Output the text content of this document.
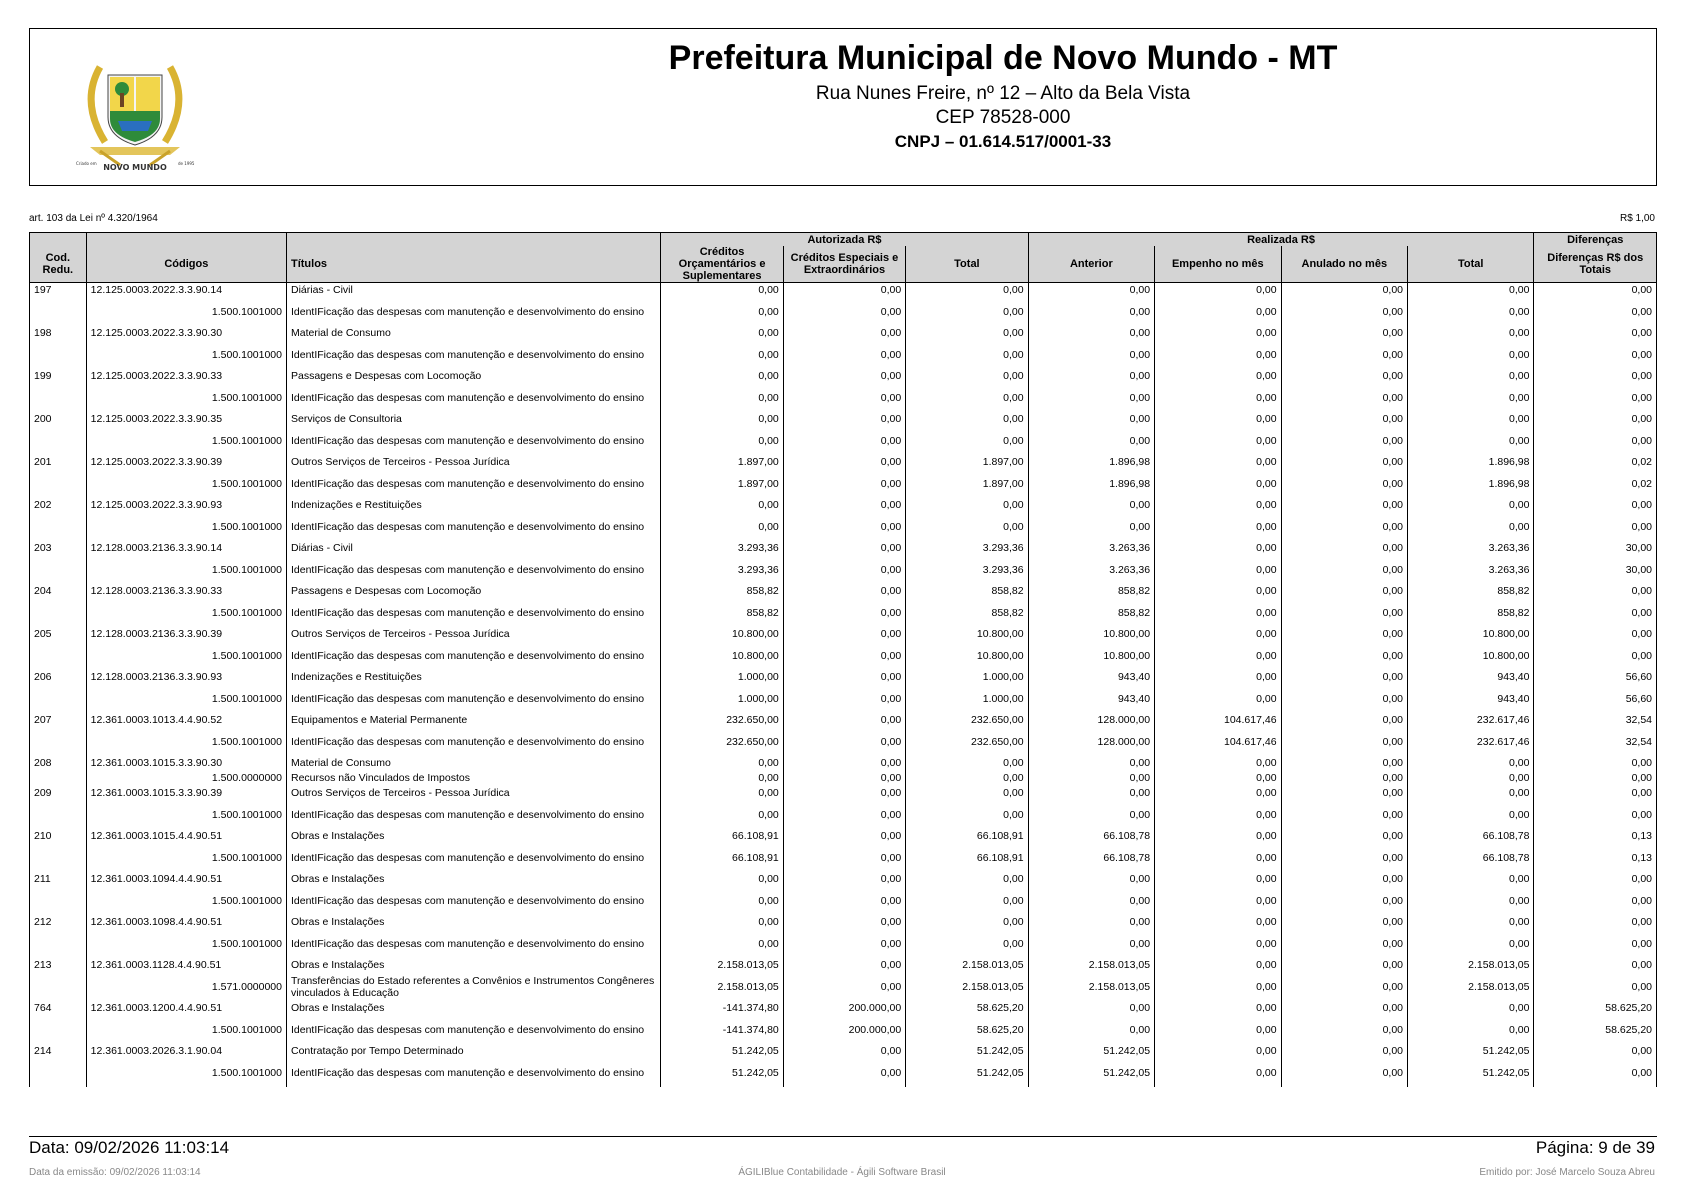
NOVO MUNDO
Criado em	de 1995
Prefeitura Municipal de Novo Mundo - MT
Rua Nunes Freire, nº 12 – Alto da Bela Vista
CEP 78528-000
CNPJ – 01.614.517/0001-33
art. 103 da Lei nº 4.320/1964	R$ 1,00
			Autorizada R$			Realizada R$				Diferenças
Cod. Redu.	Códigos	Títulos	Créditos Orçamentários e Suplementares	Créditos Especiais e Extraordinários	Total	Anterior	Empenho no mês	Anulado no mês	Total	Diferenças R$ dos Totais
197	12.125.0003.2022.3.3.90.14	Diárias - Civil	0,00	0,00	0,00	0,00	0,00	0,00	0,00	0,00
	1.500.1001000	IdentIFicação das despesas com manutenção e desenvolvimento do ensino	0,00	0,00	0,00	0,00	0,00	0,00	0,00	0,00
198	12.125.0003.2022.3.3.90.30	Material de Consumo	0,00	0,00	0,00	0,00	0,00	0,00	0,00	0,00
	1.500.1001000	IdentIFicação das despesas com manutenção e desenvolvimento do ensino	0,00	0,00	0,00	0,00	0,00	0,00	0,00	0,00
199	12.125.0003.2022.3.3.90.33	Passagens e Despesas com Locomoção	0,00	0,00	0,00	0,00	0,00	0,00	0,00	0,00
	1.500.1001000	IdentIFicação das despesas com manutenção e desenvolvimento do ensino	0,00	0,00	0,00	0,00	0,00	0,00	0,00	0,00
200	12.125.0003.2022.3.3.90.35	Serviços de Consultoria	0,00	0,00	0,00	0,00	0,00	0,00	0,00	0,00
	1.500.1001000	IdentIFicação das despesas com manutenção e desenvolvimento do ensino	0,00	0,00	0,00	0,00	0,00	0,00	0,00	0,00
201	12.125.0003.2022.3.3.90.39	Outros Serviços de Terceiros - Pessoa Jurídica	1.897,00	0,00	1.897,00	1.896,98	0,00	0,00	1.896,98	0,02
	1.500.1001000	IdentIFicação das despesas com manutenção e desenvolvimento do ensino	1.897,00	0,00	1.897,00	1.896,98	0,00	0,00	1.896,98	0,02
202	12.125.0003.2022.3.3.90.93	Indenizações e Restituições	0,00	0,00	0,00	0,00	0,00	0,00	0,00	0,00
	1.500.1001000	IdentIFicação das despesas com manutenção e desenvolvimento do ensino	0,00	0,00	0,00	0,00	0,00	0,00	0,00	0,00
203	12.128.0003.2136.3.3.90.14	Diárias - Civil	3.293,36	0,00	3.293,36	3.263,36	0,00	0,00	3.263,36	30,00
	1.500.1001000	IdentIFicação das despesas com manutenção e desenvolvimento do ensino	3.293,36	0,00	3.293,36	3.263,36	0,00	0,00	3.263,36	30,00
204	12.128.0003.2136.3.3.90.33	Passagens e Despesas com Locomoção	858,82	0,00	858,82	858,82	0,00	0,00	858,82	0,00
	1.500.1001000	IdentIFicação das despesas com manutenção e desenvolvimento do ensino	858,82	0,00	858,82	858,82	0,00	0,00	858,82	0,00
205	12.128.0003.2136.3.3.90.39	Outros Serviços de Terceiros - Pessoa Jurídica	10.800,00	0,00	10.800,00	10.800,00	0,00	0,00	10.800,00	0,00
	1.500.1001000	IdentIFicação das despesas com manutenção e desenvolvimento do ensino	10.800,00	0,00	10.800,00	10.800,00	0,00	0,00	10.800,00	0,00
206	12.128.0003.2136.3.3.90.93	Indenizações e Restituições	1.000,00	0,00	1.000,00	943,40	0,00	0,00	943,40	56,60
	1.500.1001000	IdentIFicação das despesas com manutenção e desenvolvimento do ensino	1.000,00	0,00	1.000,00	943,40	0,00	0,00	943,40	56,60
207	12.361.0003.1013.4.4.90.52	Equipamentos e Material Permanente	232.650,00	0,00	232.650,00	128.000,00	104.617,46	0,00	232.617,46	32,54
	1.500.1001000	IdentIFicação das despesas com manutenção e desenvolvimento do ensino	232.650,00	0,00	232.650,00	128.000,00	104.617,46	0,00	232.617,46	32,54
208	12.361.0003.1015.3.3.90.30	Material de Consumo	0,00	0,00	0,00	0,00	0,00	0,00	0,00	0,00
	1.500.0000000	Recursos não Vinculados de Impostos	0,00	0,00	0,00	0,00	0,00	0,00	0,00	0,00
209	12.361.0003.1015.3.3.90.39	Outros Serviços de Terceiros - Pessoa Jurídica	0,00	0,00	0,00	0,00	0,00	0,00	0,00	0,00
	1.500.1001000	IdentIFicação das despesas com manutenção e desenvolvimento do ensino	0,00	0,00	0,00	0,00	0,00	0,00	0,00	0,00
210	12.361.0003.1015.4.4.90.51	Obras e Instalações	66.108,91	0,00	66.108,91	66.108,78	0,00	0,00	66.108,78	0,13
	1.500.1001000	IdentIFicação das despesas com manutenção e desenvolvimento do ensino	66.108,91	0,00	66.108,91	66.108,78	0,00	0,00	66.108,78	0,13
211	12.361.0003.1094.4.4.90.51	Obras e Instalações	0,00	0,00	0,00	0,00	0,00	0,00	0,00	0,00
	1.500.1001000	IdentIFicação das despesas com manutenção e desenvolvimento do ensino	0,00	0,00	0,00	0,00	0,00	0,00	0,00	0,00
212	12.361.0003.1098.4.4.90.51	Obras e Instalações	0,00	0,00	0,00	0,00	0,00	0,00	0,00	0,00
	1.500.1001000	IdentIFicação das despesas com manutenção e desenvolvimento do ensino	0,00	0,00	0,00	0,00	0,00	0,00	0,00	0,00
213	12.361.0003.1128.4.4.90.51	Obras e Instalações	2.158.013,05	0,00	2.158.013,05	2.158.013,05	0,00	0,00	2.158.013,05	0,00
	1.571.0000000	Transferências do Estado referentes a Convênios e Instrumentos Congêneres vinculados à Educação	2.158.013,05	0,00	2.158.013,05	2.158.013,05	0,00	0,00	2.158.013,05	0,00
764	12.361.0003.1200.4.4.90.51	Obras e Instalações	-141.374,80	200.000,00	58.625,20	0,00	0,00	0,00	0,00	58.625,20
	1.500.1001000	IdentIFicação das despesas com manutenção e desenvolvimento do ensino	-141.374,80	200.000,00	58.625,20	0,00	0,00	0,00	0,00	58.625,20
214	12.361.0003.2026.3.1.90.04	Contratação por Tempo Determinado	51.242,05	0,00	51.242,05	51.242,05	0,00	0,00	51.242,05	0,00
	1.500.1001000	IdentIFicação das despesas com manutenção e desenvolvimento do ensino	51.242,05	0,00	51.242,05	51.242,05	0,00	0,00	51.242,05	0,00
Data: 09/02/2026 11:03:14	Página: 9 de 39
Data da emissão: 09/02/2026 11:03:14	ÁGILIBlue Contabilidade - Ágili Software Brasil	Emitido por: José Marcelo Souza Abreu
